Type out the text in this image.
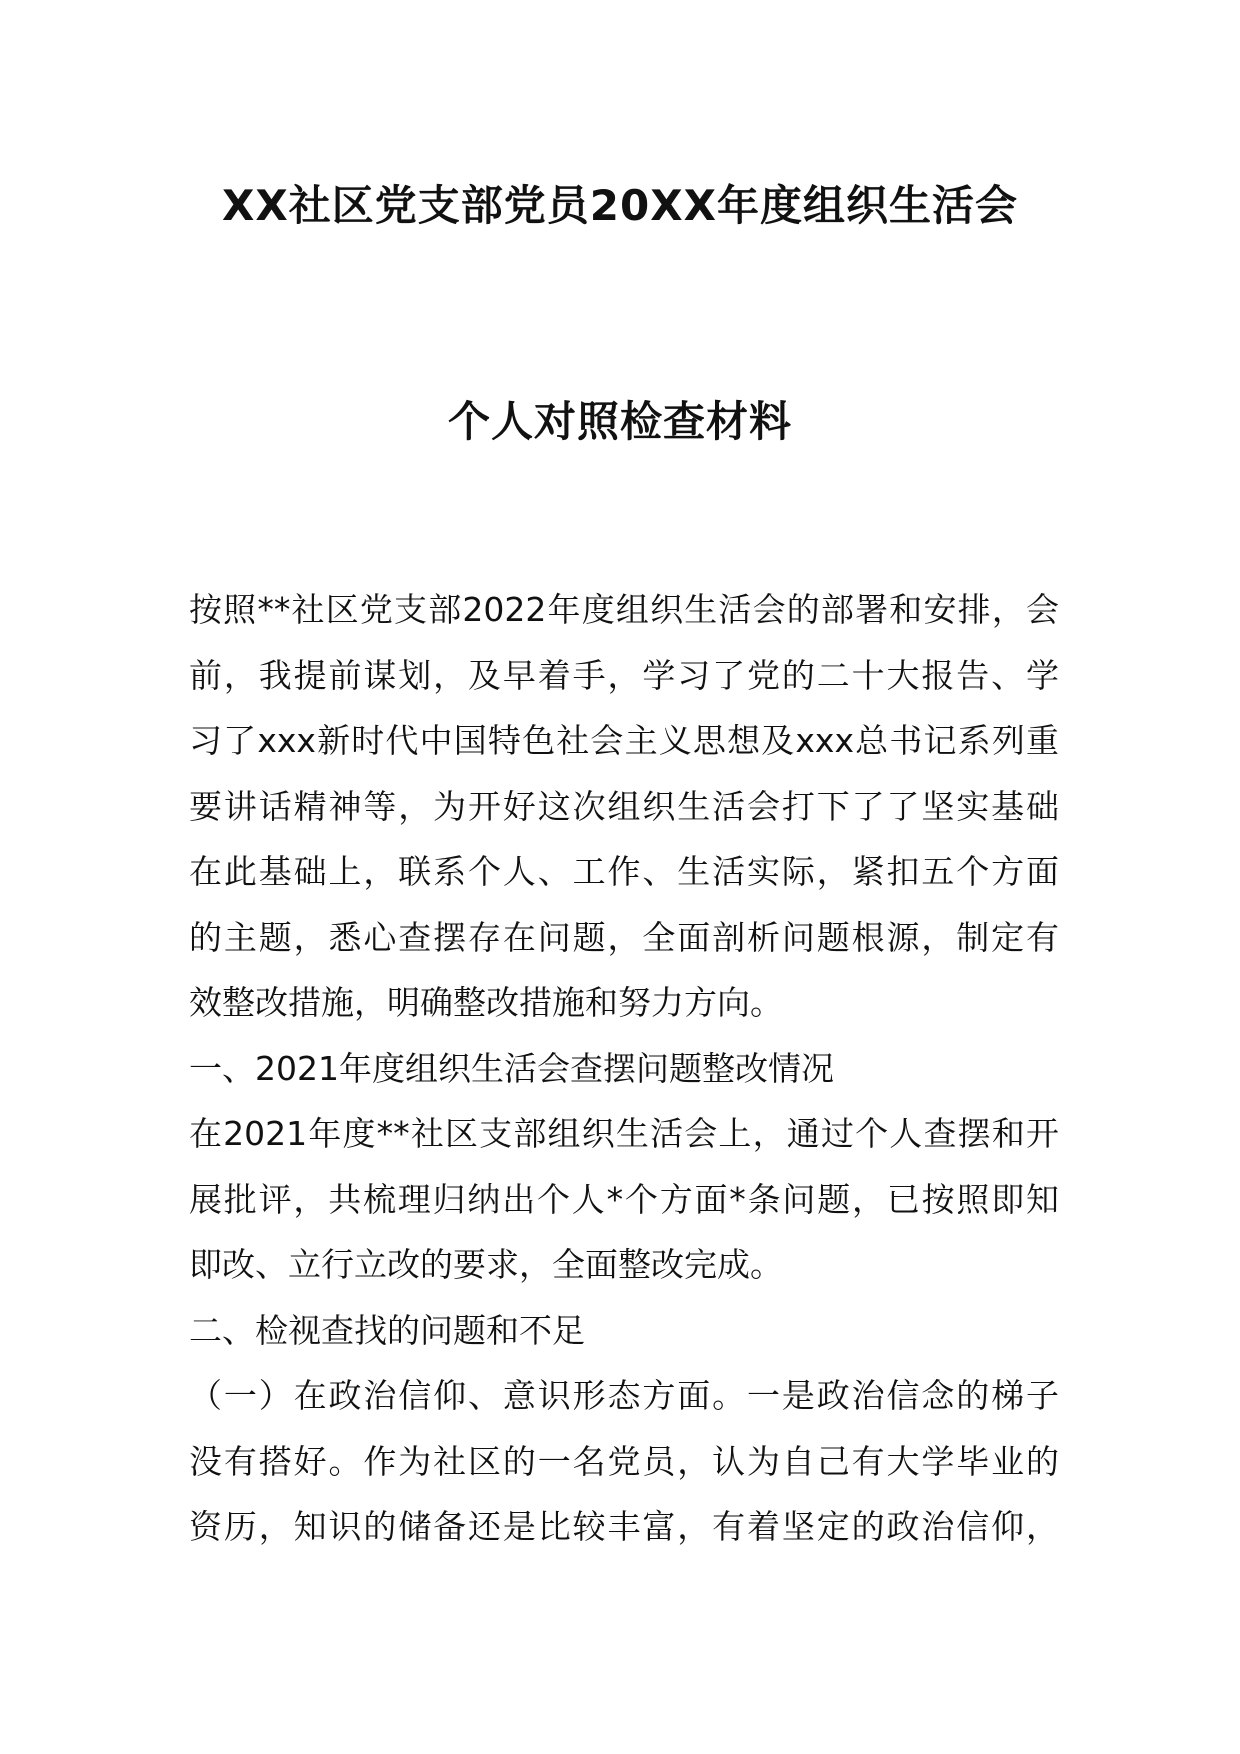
XX社区党支部党员20XX年度组织生活会
个人对照检查材料
按照**社区党支部2022年度组织生活会的部署和安排，会
前，我提前谋划，及早着手，学习了党的二十大报告、学
习了xxx新时代中国特色社会主义思想及xxx总书记系列重
要讲话精神等，为开好这次组织生活会打下了了坚实基础
在此基础上，联系个人、工作、生活实际，紧扣五个方面
的主题，悉心查摆存在问题，全面剖析问题根源，制定有
效整改措施，明确整改措施和努力方向。
一、2021年度组织生活会查摆问题整改情况
在2021年度**社区支部组织生活会上，通过个人查摆和开
展批评，共梳理归纳出个人*个方面*条问题，已按照即知
即改、立行立改的要求，全面整改完成。
二、检视查找的问题和不足
（一）在政治信仰、意识形态方面。一是政治信念的梯子
没有搭好。作为社区的一名党员，认为自己有大学毕业的
资历，知识的储备还是比较丰富，有着坚定的政治信仰，
